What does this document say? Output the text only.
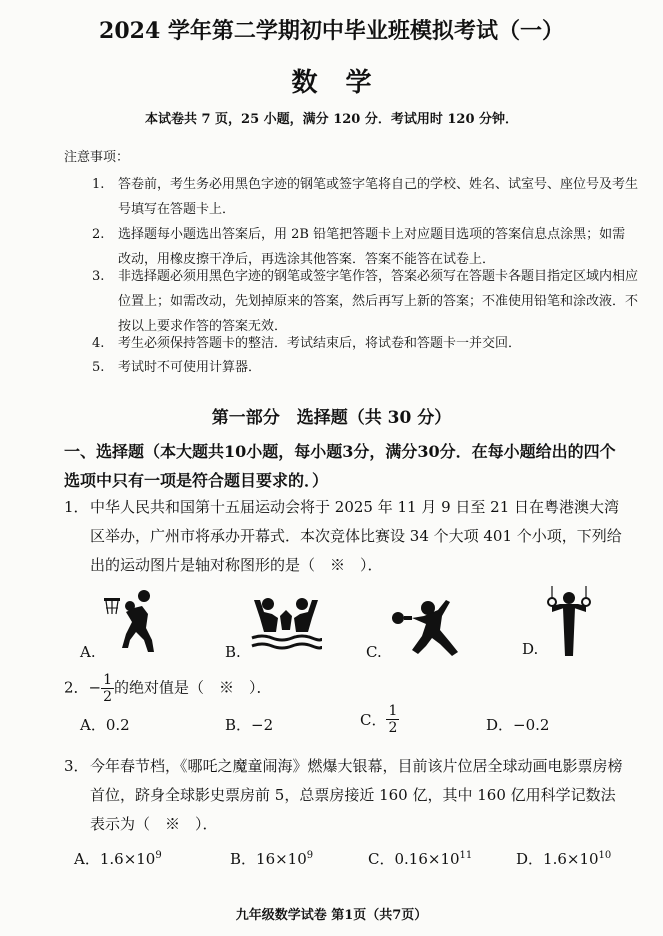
2024 学年第二学期初中毕业班模拟考试（一）
数学
本试卷共 7 页，25 小题，满分 120 分．考试用时 120 分钟．
注意事项：
1. 答卷前，考生务必用黑色字迹的钢笔或签字笔将自己的学校、姓名、试室号、座位号及考生号填写在答题卡上．
2. 选择题每小题选出答案后，用 2B 铅笔把答题卡上对应题目选项的答案信息点涂黑；如需改动，用橡皮擦干净后，再选涂其他答案．答案不能答在试卷上．
3. 非选择题必须用黑色字迹的钢笔或签字笔作答，答案必须写在答题卡各题目指定区域内相应位置上；如需改动，先划掉原来的答案，然后再写上新的答案；不准使用铅笔和涂改液．不按以上要求作答的答案无效．
4. 考生必须保持答题卡的整洁．考试结束后，将试卷和答题卡一并交回．
5. 考试时不可使用计算器．
第一部分　选择题（共 30 分）
一、选择题（本大题共10小题，每小题3分，满分30分．在每小题给出的四个选项中只有一项是符合题目要求的．）
1． 中华人民共和国第十五届运动会将于 2025 年 11 月 9 日至 21 日在粤港澳大湾区举办，广州市将承办开幕式．本次竞体比赛设 34 个大项 401 个小项，下列给出的运动图片是轴对称图形的是（　※　）．
A.	B.	C.	D.
2．− $\frac{1}{2}$ 的绝对值是（　※　）．
A．0.2	B．−2	C． $\frac{1}{2}$	D．−0.2
3． 今年春节档，《哪吒之魔童闹海》燃爆大银幕，目前该片位居全球动画电影票房榜首位，跻身全球影史票房前 5，总票房接近 160 亿，其中 160 亿用科学记数法表示为（　※　）．
A．$1.6\times 10^9$	B．$16\times 10^9$	C．$0.16\times 10^{11}$	D．$1.6\times 10^{10}$
九年级数学试卷 第1页（共7页）
